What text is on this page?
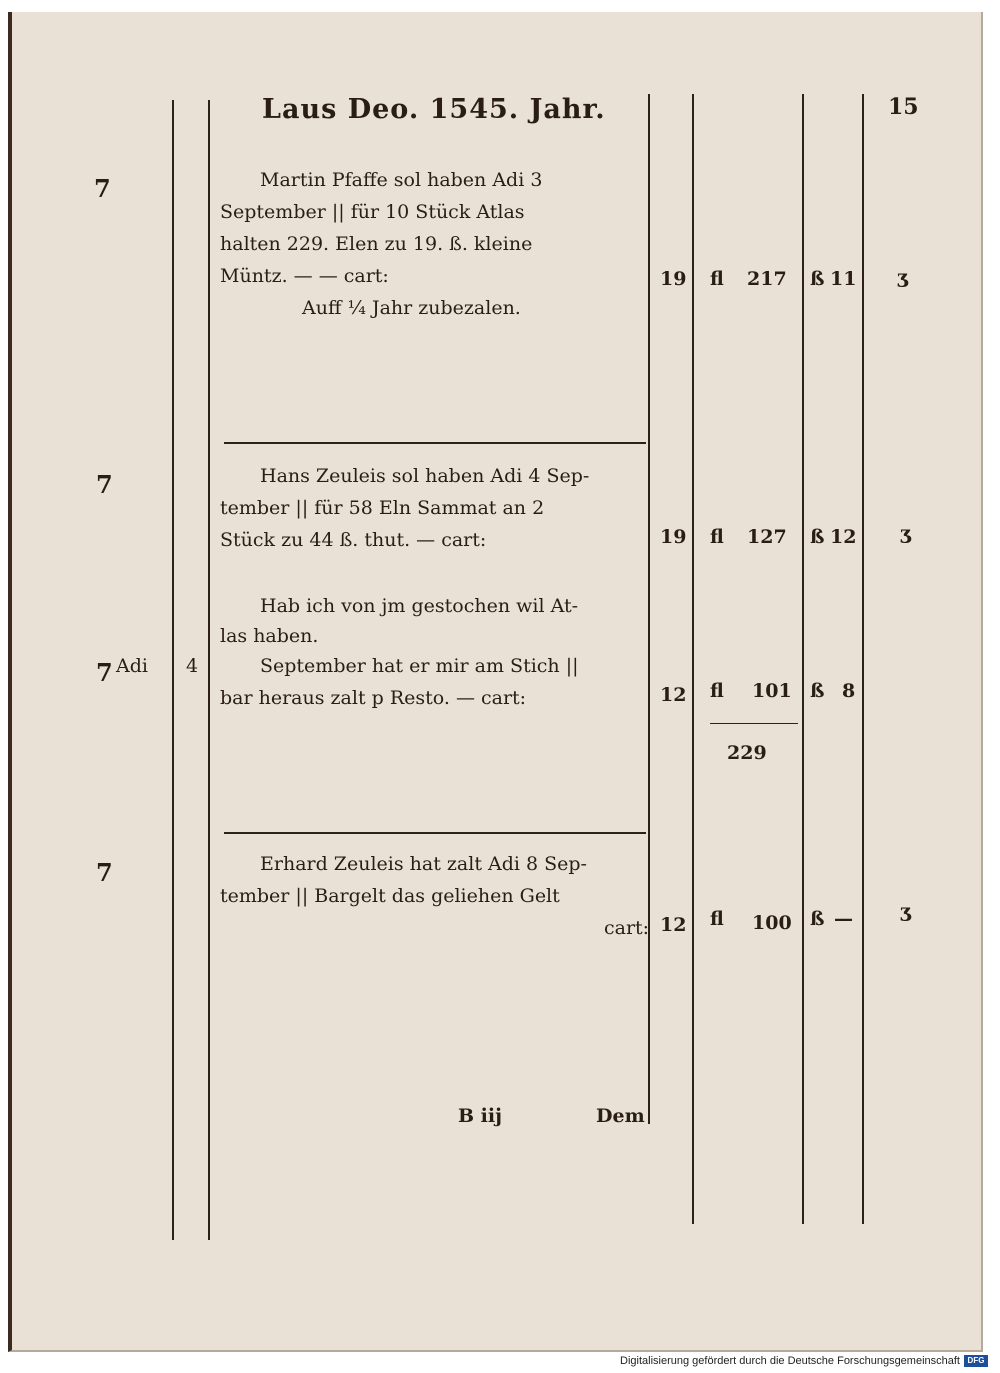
Laus Deo. 1545. Jahr.	15
7	Martin Pfaffe sol haben Adi 3
September || für 10 Stück Atlas
halten 229. Elen zu 19. ß. kleine
Müntz. — — cart:
Auff ¼ Jahr zubezalen.
19 fl 217 ß 11 ʒ
7	Hans Zeuleis sol haben Adi 4 Sep-
tember || für 58 Eln Sammat an 2
Stück zu 44 ß. thut. — cart:	19 fl 127 ß 12 ʒ
7 Adi 4
Hab ich von jm gestochen wil At-
las haben.
September hat er mir am Stich ||
bar heraus zalt p Resto. — cart:	12 fl 101 ß 8
229
7	Erhard Zeuleis hat zalt Adi 8 Sep-
tember || Bargelt das geliehen Gelt
cart: 12 fl 100 ß — ʒ
B iij	Dem
Digitalisierung gefördert durch die Deutsche Forschungsgemeinschaft DFG
